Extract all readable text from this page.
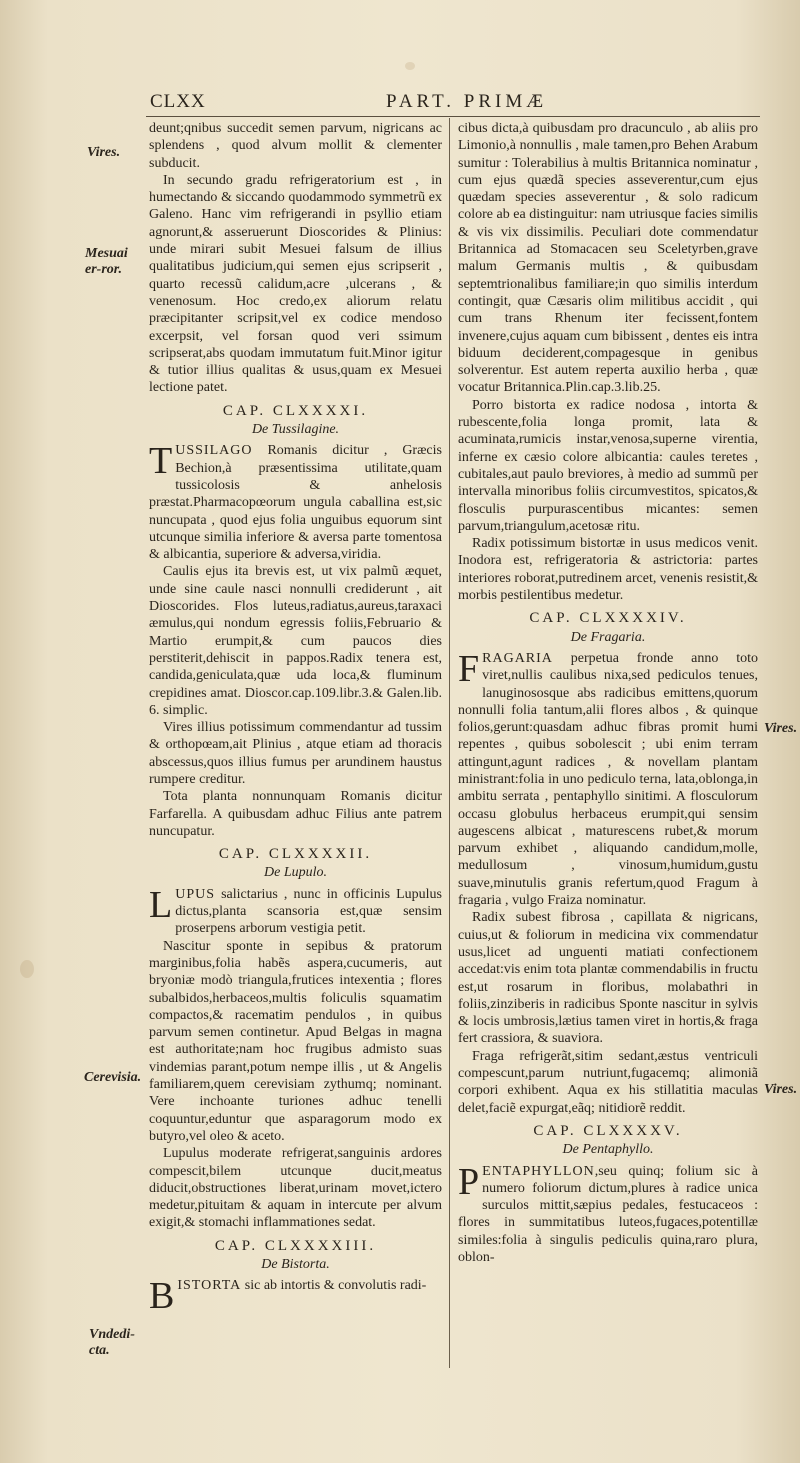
CLXX	PART. PRIMÆ
Vires.
Mesuai er-ror.
Cerevisia.
Vndedi-cta.
Vires.
Vires.

deunt;qnibus succedit semen parvum, nigricans ac splendens , quod alvum mollit & clementer subducit.

In secundo gradu refrigeratorium est , in humectando & siccando quodammodo symmetrũ ex Galeno. Hanc vim refrigerandi in psyllio etiam agnorunt,& asseruerunt Dioscorides & Plinius: unde mirari subit Mesuei falsum de illius qualitatibus judicium,qui semen ejus scripserit , quarto recessũ calidum,acre ,ulcerans , & venenosum. Hoc credo,ex aliorum relatu præcipitanter scripsit,vel ex codice mendoso excerpsit, vel forsan quod veri ssimum scripserat,abs quodam immutatum fuit.Minor igitur & tutior illius qualitas & usus,quam ex Mesuei lectione patet.

CAP. CLXXXXI.

De Tussilagine.

TUSSILAGO Romanis dicitur , Græcis Bechion,à præsentissima utilitate,quam tussicolosis & anhelosis præstat.Pharmacopœorum ungula caballina est,sic nuncupata , quod ejus folia unguibus equorum sint utcunque similia inferiore & aversa parte tomentosa & albicantia, superiore & adversa,viridia.

Caulis ejus ita brevis est, ut vix palmũ æquet, unde sine caule nasci nonnulli crediderunt , ait Dioscorides. Flos luteus,radiatus,aureus,taraxaci æmulus,qui nondum egressis foliis,Februario & Martio erumpit,& cum paucos dies perstiterit,dehiscit in pappos.Radix tenera est, candida,geniculata,quæ uda loca,& fluminum crepidines amat. Dioscor.cap.109.libr.3.& Galen.lib. 6. simplic.

Vires illius potissimum commendantur ad tussim & orthopœam,ait Plinius , atque etiam ad thoracis abscessus,quos illius fumus per arundinem haustus rumpere creditur.

Tota planta nonnunquam Romanis dicitur Farfarella. A quibusdam adhuc Filius ante patrem nuncupatur.

CAP. CLXXXXII.

De Lupulo.

LUPUS salictarius , nunc in officinis Lupulus dictus,planta scansoria est,quæ sensim proserpens arborum vestigia petit.

Nascitur sponte in sepibus & pratorum marginibus,folia habẽs aspera,cucumeris, aut bryoniæ modò triangula,frutices intexentia ; flores subalbidos,herbaceos,multis foliculis squamatim compactos,& racematim pendulos , in quibus parvum semen continetur. Apud Belgas in magna est authoritate;nam hoc frugibus admisto suas vindemias parant,potum nempe illis , ut & Angelis familiarem,quem cerevisiam zythumq; nominant. Vere inchoante turiones adhuc tenelli coquuntur,eduntur que asparagorum modo ex butyro,vel oleo & aceto.

Lupulus moderate refrigerat,sanguinis ardores compescit,bilem utcunque ducit,meatus diducit,obstructiones liberat,urinam movet,ictero medetur,pituitam & aquam in intercute per alvum exigit,& stomachi inflammationes sedat.

CAP. CLXXXXIII.

De Bistorta.

BISTORTA sic ab intortis & convolutis radi-

cibus dicta,à quibusdam pro dracunculo , ab aliis pro Limonio,à nonnullis , male tamen,pro Behen Arabum sumitur : Tolerabilius à multis Britannica nominatur , cum ejus quædã species asseverentur,cum ejus quædam species asseverentur , & solo radicum colore ab ea distinguitur: nam utriusque facies similis & vis vix dissimilis. Peculiari dote commendatur Britannica ad Stomacacen seu Sceletyrben,grave malum Germanis multis , & quibusdam septemtrionalibus familiare;in quo similis interdum contingit, quæ Cæsaris olim militibus accidit , qui cum trans Rhenum iter fecissent,fontem invenere,cujus aquam cum bibissent , dentes eis intra biduum deciderent,compagesque in genibus solverentur. Est autem reperta auxilio herba , quæ vocatur Britannica.Plin.cap.3.lib.25.

Porro bistorta ex radice nodosa , intorta & rubescente,folia longa promit, lata & acuminata,rumicis instar,venosa,superne virentia, inferne ex cæsio colore albicantia: caules teretes , cubitales,aut paulo breviores, à medio ad summũ per intervalla minoribus foliis circumvestitos, spicatos,& flosculis purpurascentibus micantes: semen parvum,triangulum,acetosæ ritu.

Radix potissimum bistortæ in usus medicos venit. Inodora est, refrigeratoria & astrictoria: partes interiores roborat,putredinem arcet, venenis resistit,& morbis pestilentibus medetur.

CAP. CLXXXXIV.

De Fragaria.

FRAGARIA perpetua fronde anno toto viret,nullis caulibus nixa,sed pediculos tenues, lanuginososque abs radicibus emittens,quorum nonnulli folia tantum,alii flores albos , & quinque folios,gerunt:quasdam adhuc fibras promit humi repentes , quibus sobolescit ; ubi enim terram attingunt,agunt radices , & novellam plantam ministrant:folia in uno pediculo terna, lata,oblonga,in ambitu serrata , pentaphyllo sinitimi. A flosculorum occasu globulus herbaceus erumpit,qui sensim augescens albicat , maturescens rubet,& morum parvum exhibet , aliquando candidum,molle, medullosum , vinosum,humidum,gustu suave,minutulis granis refertum,quod Fragum à fragaria , vulgo Fraiza nominatur.

Radix subest fibrosa , capillata & nigricans, cuius,ut & foliorum in medicina vix commendatur usus,licet ad unguenti matiati confectionem accedat:vis enim tota plantæ commendabilis in fructu est,ut rosarum in floribus, molabathri in foliis,zinziberis in radicibus Sponte nascitur in sylvis & locis umbrosis,lætius tamen viret in hortis,& fraga fert crassiora, & suaviora.

Fraga refrigerãt,sitim sedant,æstus ventriculi compescunt,parum nutriunt,fugacemq; alimoniã corpori exhibent. Aqua ex his stillatitia maculas delet,faciẽ expurgat,eãq; nitidiorẽ reddit.

CAP. CLXXXXV.

De Pentaphyllo.

PENTAPHYLLON,seu quinq; folium sic à numero foliorum dictum,plures à radice unica surculos mittit,sæpius pedales, festucaceos : flores in summitatibus luteos,fugaces,potentillæ similes:folia à singulis pediculis quina,raro plura, oblon-
